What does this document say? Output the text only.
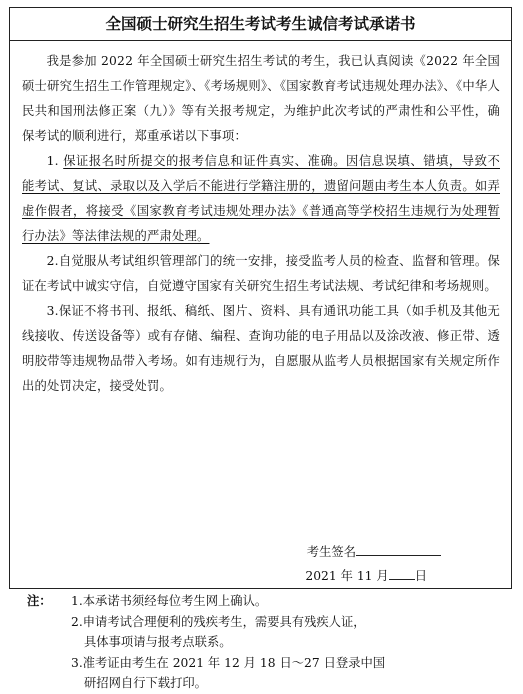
全国硕士研究生招生考试考生诚信考试承诺书

我是参加 2022 年全国硕士研究生招生考试的考生，我已认真阅读《2022 年全国硕士研究生招生工作管理规定》、《考场规则》、《国家教育考试违规处理办法》、《中华人民共和国刑法修正案（九）》等有关报考规定，为维护此次考试的严肃性和公平性，确保考试的顺利进行，郑重承诺以下事项：

1. 保证报名时所提交的报考信息和证件真实、准确。因信息误填、错填，导致不能考试、复试、录取以及入学后不能进行学籍注册的，遗留问题由考生本人负责。如弄虚作假者，将接受《国家教育考试违规处理办法》《普通高等学校招生违规行为处理暂行办法》等法律法规的严肃处理。

2.自觉服从考试组织管理部门的统一安排，接受监考人员的检查、监督和管理。保证在考试中诚实守信，自觉遵守国家有关研究生招生考试法规、考试纪律和考场规则。

3.保证不将书刊、报纸、稿纸、图片、资料、具有通讯功能工具（如手机及其他无线接收、传送设备等）或有存储、编程、查询功能的电子用品以及涂改液、修正带、透明胶带等违规物品带入考场。如有违规行为，自愿服从监考人员根据国家有关规定所作出的处罚决定，接受处罚。

考生签名
2021 年 11 月 日
注：	1.本承诺书须经每位考生网上确认。
2.申请考试合理便利的残疾考生，需要具有残疾人证，
具体事项请与报考点联系。
3.准考证由考生在 2021 年 12 月 18 日～27 日登录中国
研招网自行下载打印。
